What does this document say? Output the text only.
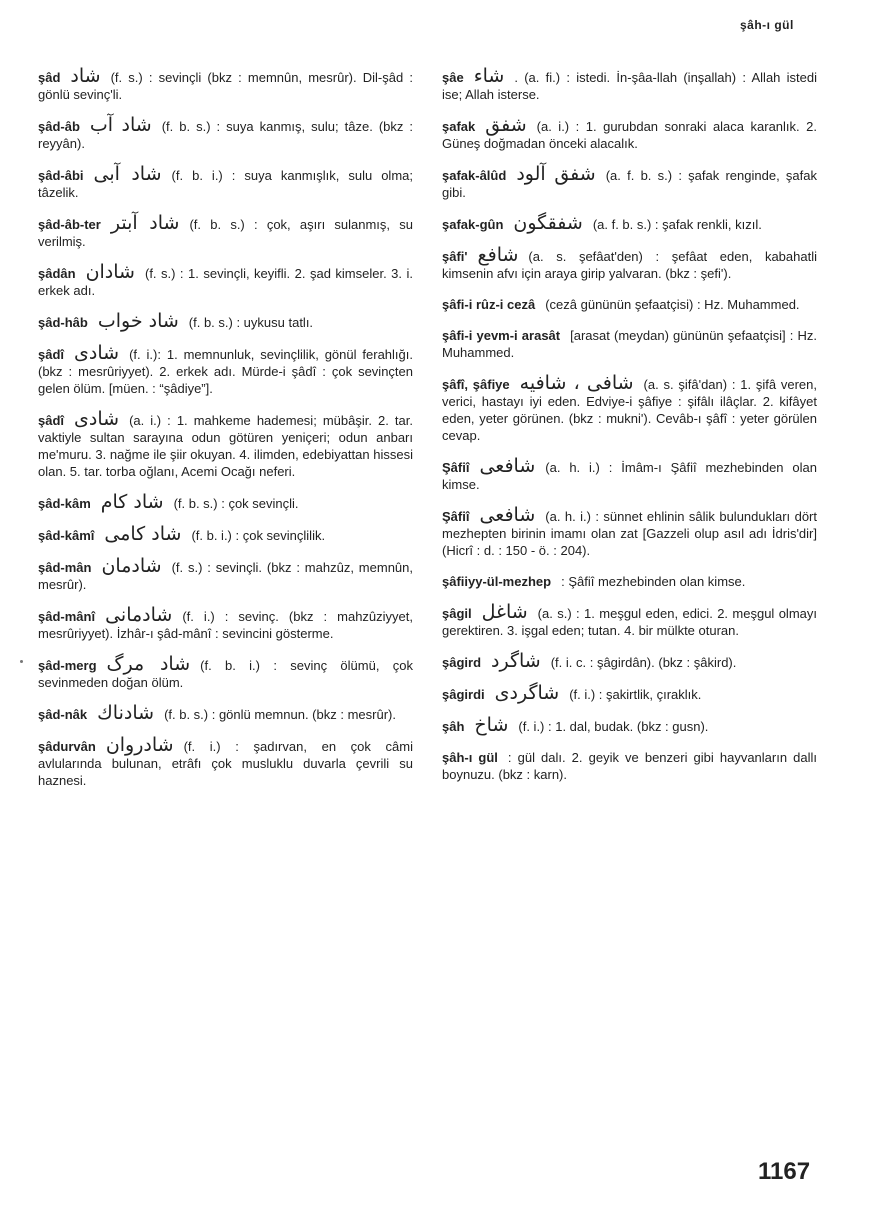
şâh-ı gül
şâd شاد (f. s.) : sevinçli (bkz : memnûn, mesrûr). Dil-şâd : gönlü sevinç'li.
şâd-âb شاد آب (f. b. s.) : suya kanmış, sulu; tâze. (bkz : reyyân).
şâd-âbi شاد آبی (f. b. i.) : suya kanmışlık, sulu olma; tâzelik.
şâd-âb-ter شاد آبتر (f. b. s.) : çok, aşırı sulanmış, su verilmiş.
şâdân شادان (f. s.) : 1. sevinçli, keyifli. 2. şad kimseler. 3. i. erkek adı.
şâd-hâb شاد خواب (f. b. s.) : uykusu tatlı.
şâdî شادى (f. i.): 1. memnunluk, sevinçlilik, gönül ferahlığı. (bkz : mesrûriyyet). 2. erkek adı. Mürde-i şâdî : çok sevinçten gelen ölüm. [müen. : “şâdiye”].
şâdî شادى (a. i.) : 1. mahkeme hademesi; mübâşir. 2. tar. vaktiyle sultan sarayına odun götüren yeniçeri; odun anbarı me'muru. 3. nağme ile şiir okuyan. 4. ilimden, edebiyattan hissesi olan. 5. tar. torba oğlanı, Acemi Ocağı neferi.
şâd-kâm شاد كام (f. b. s.) : çok sevinçli.
şâd-kâmî شاد كامى (f. b. i.) : çok sevinçlilik.
şâd-mân شادمان (f. s.) : sevinçli. (bkz : mahzûz, memnûn, mesrûr).
şâd-mânî شادمانى (f. i.) : sevinç. (bkz : mahzûziyyet, mesrûriyyet). İzhâr-ı şâd-mânî : sevincini gösterme.
şâd-merg شاد مرگ (f. b. i.) : sevinç ölümü, çok sevinmeden doğan ölüm.
şâd-nâk شادناك (f. b. s.) : gönlü memnun. (bkz : mesrûr).
şâdurvân شادروان (f. i.) : şadırvan, en çok câmi avlularında bulunan, etrâfı çok musluklu duvarla çevrili su haznesi.
şâe شاء . (a. fi.) : istedi. İn-şâa-llah (inşallah) : Allah istedi ise; Allah isterse.
şafak شفق (a. i.) : 1. gurubdan sonraki alaca karanlık. 2. Güneş doğmadan önceki alacalık.
şafak-âlûd شفق آلود (a. f. b. s.) : şafak renginde, şafak gibi.
şafak-gûn شفقگون (a. f. b. s.) : şafak renkli, kızıl.
şâfi' شافع (a. s. şefâat'den) : şefâat eden, kabahatli kimsenin afvı için araya girip yalvaran. (bkz : şefi').
şâfi-i rûz-i cezâ (cezâ gününün şefaatçisi) : Hz. Muhammed.
şâfi-i yevm-i arasât [arasat (meydan) gününün şefaatçisi] : Hz. Muhammed.
şâfî, şâfiye شافى ، شافيه (a. s. şifâ'dan) : 1. şifâ veren, verici, hastayı iyi eden. Edviye-i şâfiye : şifâlı ilâçlar. 2. kifâyet eden, yeter görünen. (bkz : mukni'). Cevâb-ı şâfî : yeter görülen cevap.
Şâfiî شافعى (a. h. i.) : İmâm-ı Şâfiî mezhebinden olan kimse.
Şâfiî شافعى (a. h. i.) : sünnet ehlinin sâlik bulundukları dört mezhepten birinin imamı olan zat [Gazzeli olup asıl adı İdris'dir] (Hicrî : d. : 150 - ö. : 204).
şâfiiyy-ül-mezhep : Şâfiî mezhebinden olan kimse.
şâgil شاغل (a. s.) : 1. meşgul eden, edici. 2. meşgul olmayı gerektiren. 3. işgal eden; tutan. 4. bir mülkte oturan.
şâgird شاگرد (f. i. c. : şâgirdân). (bkz : şâkird).
şâgirdi شاگردى (f. i.) : şakirtlik, çıraklık.
şâh شاخ (f. i.) : 1. dal, budak. (bkz : gusn).
şâh-ı gül : gül dalı. 2. geyik ve benzeri gibi hayvanların dallı boynuzu. (bkz : karn).
1167
